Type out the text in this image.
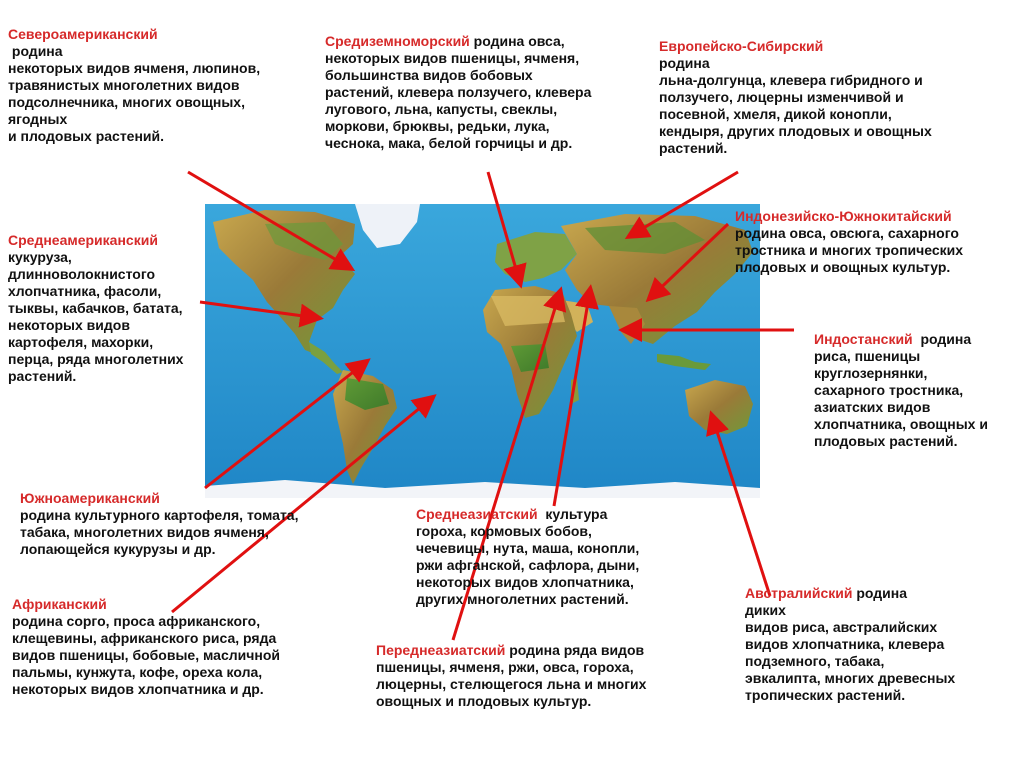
Североамериканский
родина
некоторых видов ячменя, люпинов,
травянистых многолетних видов
подсолнечника, многих овощных,
ягодных
и плодовых растений.
Средиземноморский родина овса,
некоторых видов пшеницы, ячменя,
большинства видов бобовых
растений, клевера ползучего, клевера
лугового, льна, капусты, свеклы,
моркови, брюквы, редьки, лука,
чеснока, мака, белой горчицы и др.
Европейско-Сибирский
родина
льна-долгунца, клевера гибридного и
ползучего, люцерны изменчивой и
посевной, хмеля, дикой конопли,
кендыря, других плодовых и овощных
растений.
Индонезийско-Южнокитайский
родина овса, овсюга, сахарного
тростника и многих тропических
плодовых и овощных культур.
Среднеамериканский
кукуруза,
длинноволокнистого
хлопчатника, фасоли,
тыквы, кабачков, батата,
некоторых видов
картофеля, махорки,
перца, ряда многолетних
растений.
Индостанский  родина
риса, пшеницы
круглозернянки,
сахарного тростника,
азиатских видов
хлопчатника, овощных и
плодовых растений.
Южноамериканский
родина культурного картофеля, томата,
табака, многолетних видов ячменя,
лопающейся кукурузы и др.
Среднеазиатский  культура
гороха, кормовых бобов,
чечевицы, нута, маша, конопли,
ржи афганской, сафлора, дыни,
некоторых видов хлопчатника,
других многолетних растений.	Австралийский родина
диких
видов риса, австралийских
видов хлопчатника, клевера
подземного, табака,
эвкалипта, многих древесных
тропических растений.
Африканский
родина сорго, проса африканского,
клещевины, африканского риса, ряда
видов пшеницы, бобовые, масличной
пальмы, кунжута, кофе, ореха кола,
некоторых видов хлопчатника и др.
Переднеазиатский родина ряда видов
пшеницы, ячменя, ржи, овса, гороха,
люцерны, стелющегося льна и многих
овощных и плодовых культур.
